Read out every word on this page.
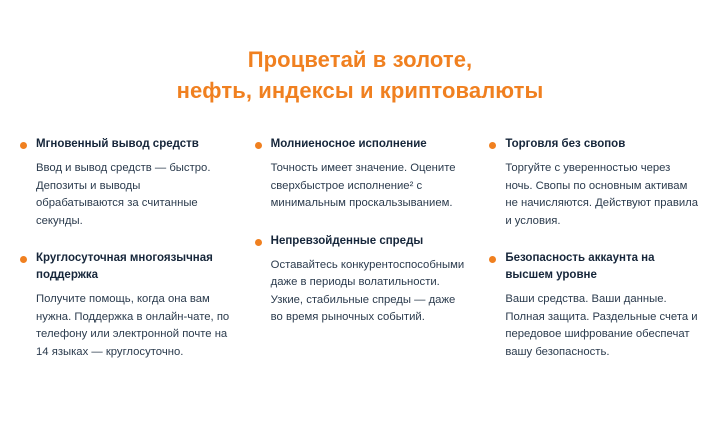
Процветай в золоте,
нефть, индексы и криптовалюты

Мгновенный вывод средств

Ввод и вывод средств — быстро. Депозиты и выводы обрабатываются за считанные секунды.

Круглосуточная многоязычная поддержка

Получите помощь, когда она вам нужна. Поддержка в онлайн-чате, по телефону или электронной почте на 14 языках — круглосуточно.

Молниеносное исполнение

Точность имеет значение. Оцените сверхбыстрое исполнение² с минимальным проскальзыванием.

Непревзойденные спреды

Оставайтесь конкурентоспособными даже в периоды волатильности. Узкие, стабильные спреды — даже во время рыночных событий.

Торговля без свопов

Торгуйте с уверенностью через ночь. Свопы по основным активам не начисляются. Действуют правила и условия.

Безопасность аккаунта на высшем уровне

Ваши средства. Ваши данные. Полная защита. Раздельные счета и передовое шифрование обеспечат вашу безопасность.
